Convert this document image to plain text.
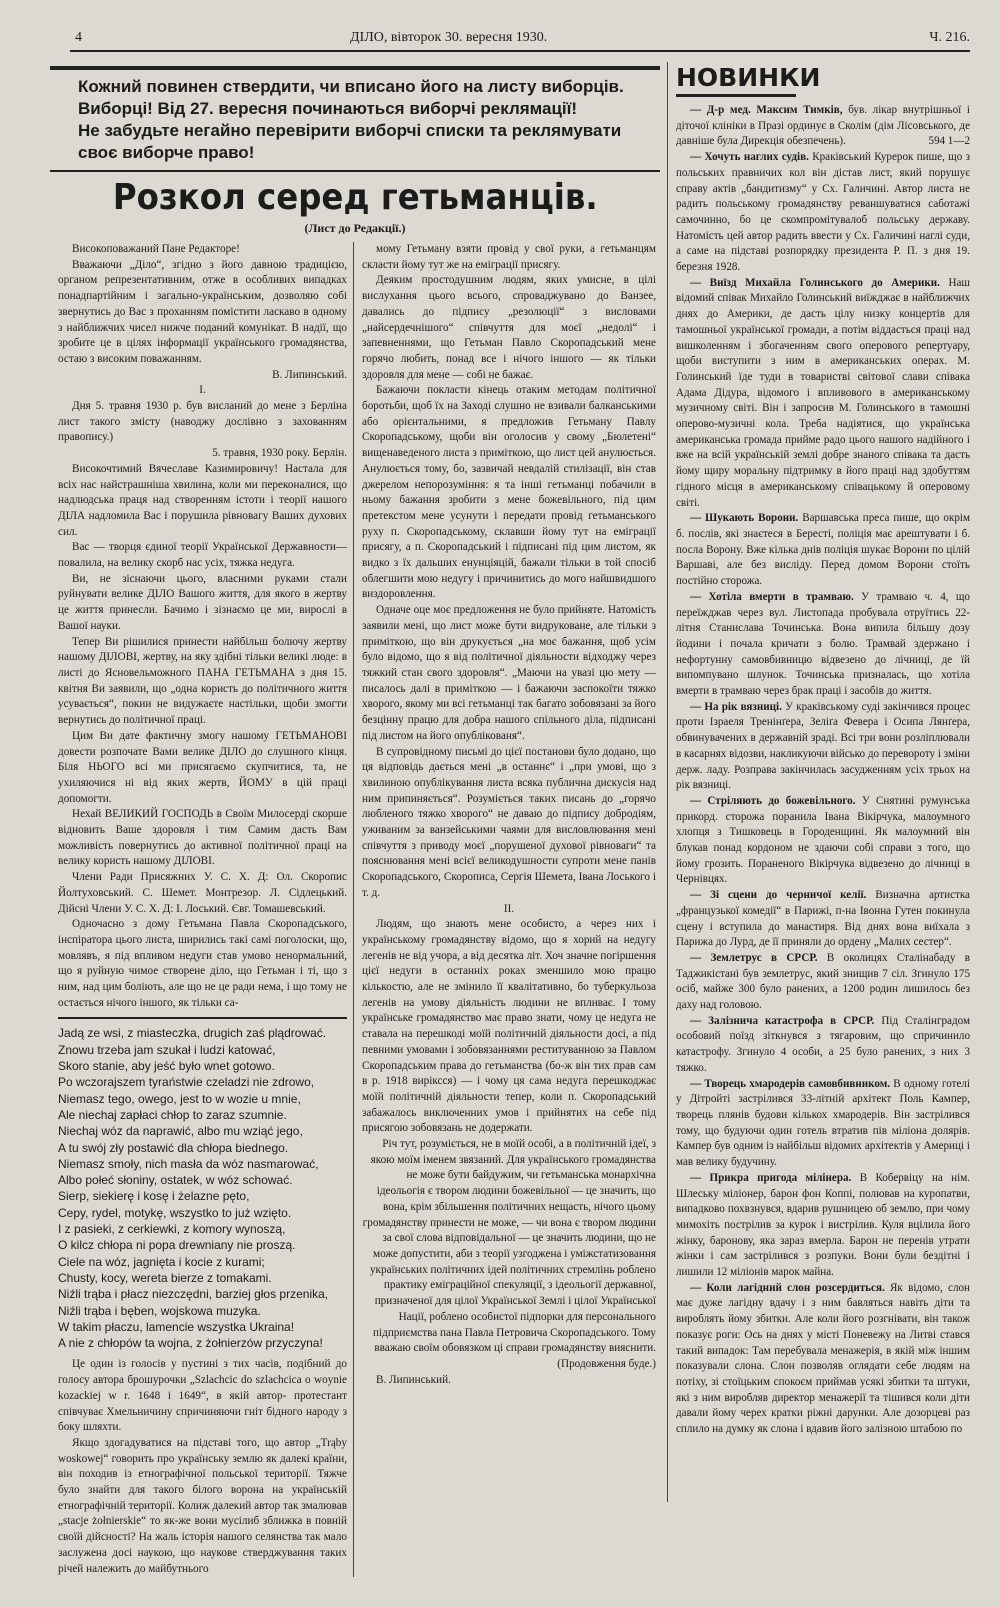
4	ДІЛО, вівторок 30. вересня 1930.	Ч. 216.
Кожний повинен ствердити, чи вписано його на листу виборців.
Виборці! Від 27. вересня починаються виборчі реклямації!
Не забудьте негайно перевірити виборчі списки та реклямувати своє виборче право!
Розкол серед гетьманців.
(Лист до Редакції.)

Високоповажаний Пане Редакторе!

Вважаючи „Діло“, згідно з його давною традицією, органом репрезентативним, отже в особливих випадках понадпартійним і загально-українським, дозволяю собі звернутись до Вас з проханням помістити ласкаво в одному з найближчих чисел нижче поданий комунікат. В надії, що зробите це в цілях інформації українського громадянства, остаю з високим поважанням.

В. Липинський.

I.

Дня 5. травня 1930 р. був висланий до мене з Берліна лист такого змісту (наводжу дослівно з захованням правопису.)

5. травня, 1930 року. Берлін.

Високочтимий Вячеславе Казимировичу! Настала для всіх нас найстрашніша хвилина, коли ми переконалися, що надлюдська праця над створенням істоти і теорії нашого ДІЛА надломила Вас і порушила рівновагу Ваших духових сил.

Вас — творця єдиної теорії Української Державности— повалила, на велику скорб нас усіх, тяжка недуга.

Ви, не зіснаючи цього, власними руками стали руйнувати велике ДІЛО Вашого життя, для якого в жертву це життя принесли. Бачимо і зізнаємо це ми, вирослі в Вашої науки.

Тепер Ви рішилися принести найбільш болючу жертву нашому ДІЛОВІ, жертву, на яку здібні тільки великі люде: в листі до Ясновельможного ПАНА ГЕТЬМАНА з дня 15. квітня Ви заявили, що „одна користь до політичного життя усувається“, покии не видужаєте настільки, щоби змогти вернутись до політичної праці.

Цим Ви дате фактичну змогу нашому ГЕТЬМАНОВІ довести розпочате Вами велике ДІЛО до слушного кінця. Біля НЬОГО всі ми присягаємо скупчитися, та, не ухиляючися ні від яких жертв, ЙОМУ в цій праці допомогти.

Нехай ВЕЛИКИЙ ГОСПОДЬ в Своїм Милосерді скорше відновить Ваше здоровля і тим Самим дасть Вам можливість повернутись до активної політичної праці на велику користь нашому ДІЛОВІ.

Члени Ради Присяжних У. С. Х. Д: Ол. Скоропис Йолтуховський. С. Шемет. Монтрезор. Л. Сідлецький. Дійсні Члени У. С. Х. Д: І. Лоський. Євг. Томашевський.

Одночасно з дому Гетьмана Павла Скоропадського, інспіратора цього листа, ширились такі самі поголоски, що, мовлявъ, я під впливом недуги став умово ненормальний, що я руйную чимое створене діло, що Гетьман і ті, що з ним, над цим боліють, але що не це ради нема, і що тому не остається нічого іншого, як тільки са-

Jadą ze wsi, z miasteczka, drugich zaś plądrować.

Znowu trzeba jam szukał i ludzi katować,

Skoro stanie, aby jeść było wnet gotowo.

Po wczorajszem tyraństwie czeladzi nie zdrowo,

Niemasz tego, owego, jest to w wozie u mnie,

Ale niechaj zapłaci chłop to zaraz szumnie.

Niechaj wóz da naprawić, albo mu wziąć jego,

A tu swój zły postawić dla chłopa biednego.

Niemasz smoły, nich masła da wóz nasmarować,

Albo połeć słoniny, ostatek, w wóz schować.

Sierp, siekierę i kosę i żelazne pęto,

Cepy, rydel, motykę, wszystko to już wzięto.

I z pasieki, z cerkiewki, z komory wynoszą,

O kilcz chłopa ni popa drewniany nie proszą.

Ciele na wóz, jagnięta i kocie z kurami;

Chusty, kocy, wereta bierze z tomakami.

Niźli trąba i płacz niezczędni, barziej głos przenika,

Niźli trąba i bęben, wojskowa muzyka.

W takim płaczu, lamencie wszystka Ukraina!

A nie z chłopów ta wojna, z żołnierzów przyczyna!

Це один із голосів у пустині з тих часів, подібний до голосу автора брошурочки „Szlachcic do szlachcica o woynie kozackiej w r. 1648 i 1649“, в якій автор- протестант співчуває Хмельничину спричиняючи гніт бідного народу з боку шляхти.

Якщо здогадуватися на підставі того, що автор „Trąby woskowej“ говорить про українську землю як далекі країни, він походив із етнографічної польської території. Тяжче було знайти для такого білого ворона на українській етнографічній території. Колиж далекий автор так змалював „stacje żołnierskie“ то як-же вони мусілиб зближка в повній своїй дійсності? На жаль історія нашого селянства так мало заслужена досі наукою, що наукове стверджування таких річей належить до майбутнього

мому Гетьману взяти провід у свої руки, а гетьманцям скласти йому тут же на еміграції присягу.

Деяким простодушним людям, яких умисне, в цілі вислухання цього всього, спроваджувано до Ванзее, давались до підпису „резолюції“ з висловами „найсердечнішого“ співчуття для моєї „недолі“ і запевненнями, що Гетьман Павло Скоропадський мене горячо любить, понад все і нічого іншого — як тільки здоровля для мене — собі не бажає.

Бажаючи покласти кінець отаким методам політичної боротьби, щоб їх на Заході слушно не взивали балканськими або орієнтальними, я предложив Гетьману Павлу Скоропадському, щоби він оголосив у свому „Бюлетені“ вищенаведеного листа з приміткою, що лист цей анулюється. Анулюється тому, бо, зазвичай невдалій стилізації, він став джерелом непорозуміння: я та інші гетьманці побачили в ньому бажання зробити з мене божевільного, під цим претекстом мене усунути і передати провід гетьманського руху п. Скоропадському, склавши йому тут на еміграції присягу, а п. Скоропадський і підписані під цим листом, як видко з їх дальших енунціяцій, бажали тільки в той спосіб облегшити мою недугу і причинитись до мого найшвидшого виздоровлення.

Одначе оце моє предложення не було прийняте. Натомість заявили мені, що лист може бути видруковане, але тільки з приміткою, що він друкується „на моє бажання, щоб усім було відомо, що я від політичної діяльности відходжу через тяжкий стан свого здоровля“. „Маючи на увазі цю мету — писалось далі в приміткою — і бажаючи заспокоїти тяжко хворого, якому ми всі гетьманці так багато зобовязані за його безцінну працю для добра нашого спільного діла, підписані під листом на його опублікованя“.

В супровідному письмі до цієї постанови було додано, що ця відповідь дається мені „в останнє“ і „при умові, що з хвилиною опублікування листа всяка публична дискусія над ним припиняється“. Розуміється таких писань до „горячо любленого тяжко хворого“ не даваю до підпису добродіям, уживаним за ванзейськими чаями для висловлювання мені співчуття з приводу моєї „порушеної духової рівноваги“ та пояснювання мені всієї великодушности супроти мене панів Скоропадського, Скорописа, Сергія Шемета, Івана Лоського і т. д.

II.

Людям, що знають мене особисто, а через них і українському громадянству відомо, що я хорий на недугу легенів не від учора, а від десятка літ. Хоч значне погіршення цієї недуги в останніх роках зменшило мою працю кількостю, але не змінило її квалітативно, бо туберкульоза легенів на умову діяльність людини не впливає. І тому українське громадянство має право знати, чому це недуга не ставала на перешкоді моїй політичній діяльности досі, а під певними умовами і зобовязаннями реституванною за Павлом Скоропадським права до гетьманства (бо-ж він тих прав сам в р. 1918 виріксся) — і чому ця сама недуга перешкоджає моїй політичній діяльности тепер, коли п. Скоропадський забажалось виключенних умов і прийнятих на себе під присягою зобовязань не додержати.

Річ тут, розуміється, не в моїй особі, а в політичній ідеї, з якою моїм іменем звязаний. Для українського громадянства не може бути байдужим, чи гетьманська монархічна ідеольогія є твором людини божевільної — це значить, що вона, крім збільшення політичних нещасть, нічого цьому громадянству принести не може, — чи вона є твором людини за свої слова відповідальної — це значить людини, що не може допустити, аби з теорії узгоджена і уміжстатизовання українських політичних ідей політичних стремлінь роблено практику еміграційної спекуляції, з ідеольогії державної, призначеної для цілої Української Землі і цілої Української Нації, роблено особистої підпорки для персонального підприємства пана Павла Петровича Скоропадського. Тому вважаю своїм обовязком ці справи громадянству вияснити.

(Продовження буде.)

В. Липинський.

НОВИНКИ

— Д-р мед. Максим Тимків, був. лікар внутрішньої і діточої клініки в Празі ординує в Сколім (дім Лісовського, де давніше була Дирекція обезпечень).	594 1—2

— Хочуть наглих судів. Краківський Курерок пише, що з польських правничих кол він дістав лист, який порушує справу актів „бандитизму“ у Сх. Галичині. Автор листа не радить польському громадянству реваншуватися саботажі самочинно, бо це скомпромітувалоб польську державу. Натомість цей автор радить ввести у Сх. Галичині наглі суди, а саме на підставі розпорядку президента Р. П. з дня 19. березня 1928.

— Виїзд Михайла Голинського до Америки. Наш відомий співак Михайло Голинський виїжджає в найближчих днях до Америки, де дасть цілу низку концертів для тамошньої української громади, а потім віддасться праці над вишколенням і збогаченням свого оперового репертуару, щоби виступити з ним в американських операх. М. Голинський їде туди в товаристві світової слави співака Адама Дідура, відомого і впливового в американському музичному світі. Він і запросив М. Голинського в тамошні оперово-музичні кола. Треба надіятися, що українська американська громада прийме радо цього нашого надійного і вже на всій українській землі добре знаного співака та дасть йому щиру моральну підтримку в його праці над здобуттям гідного місця в американському співацькому й оперовому світі.

— Шукають Ворони. Варшавська преса пише, що окрім б. послів, які знаєтеся в Бересті, поліція має арештувати і б. посла Ворону. Вже кілька днів поліція шукає Ворони по цілій Варшаві, але без висліду. Перед домом Ворони стоїть постійно сторожа.

— Хотіла вмерти в трамваю. У трамваю ч. 4, що переїжджав через вул. Листопада пробувала отруїтись 22-літня Станислава Точинська. Вона випила більшу дозу йодини і почала кричати з болю. Трамвай здержано і нефортунну самовбивницю відвезено до лічниці, де їй випомпувано шлунок. Точинська призналась, що хотіла вмерти в трамваю через брак праці і засобів до життя.

— На рік вязниці. У краківському суді закінчився процес проти Ізраеля Тренінґера, Зеліґа Февера і Осипа Лянґера, обвинувачених в державній зраді. Всі три вони розліплювали в касарнях відозви, накликуючи військо до перевороту і зміни держ. ладу. Розправа закінчилась засудженням усіх трьох на рік вязниці.

— Стріляють до божевільного. У Снятині румунська прикорд. сторожа поранила Івана Вікірчука, малоумного хлопця з Тишковець в Городенщині. Як малоумний він блукав понад кордоном не здаючи собі справи з того, що йому грозить. Пораненого Вікірчука відвезено до лічниці в Чернівцях.

— Зі сцени до черничої келії. Визначна артистка „французької комедії“ в Парижі, п-на Івонна Гутен покинула сцену і вступила до манастиря. Від днях вона виїхала з Парижа до Лурд, де її приняли до ордену „Малих сестер“.

— Землетрус в СРСР. В околицях Сталінабаду в Таджикістані був землетрус, який знищив 7 сіл. Згинуло 175 осіб, майже 300 було ранених, а 1200 родин лишилось без даху над головою.

— Залізнича катастрофа в СРСР. Під Сталінградом особовий поїзд зіткнувся з тягаровим, що спричинило катастрофу. Згинуло 4 особи, а 25 було ранених, з них 3 тяжко.

— Творець хмародерів самовбивником. В одному готелі у Дітройті застрілився 33-літній архітект Поль Кампер, творець плянів будови кількох хмародерів. Він застрілився тому, що будуючи один готель втратив пів міліона долярів. Кампер був одним із найбільш відомих архітектів у Америці і мав велику будучину.

— Прикра пригода мілінера. В Кобервіцу на нім. Шлеську міліонер, барон фон Коппі, полював на куропатви, випадково похвзнувся, вдарив рушницею об землю, при чому мимохіть пострілив за курок і вистрілив. Куля вцілила його жінку, баронову, яка зараз вмерла. Барон не перенів утрати жінки і сам застрілився з розпуки. Вони були бездітні і лишили 12 міліонів марок майна.

— Коли лагідний слон розсердиться. Як відомо, слон має дуже лагідну вдачу і з ним бавляться навіть діти та вироблять йому збитки. Але коли його розгнівати, він також показує роги: Ось на днях у місті Поневежу на Литві стався такий випадок: Там перебувала менажерія, в якій між іншим показували слона. Слон позволяв оглядати себе людям на потіху, зі стоїцьким спокоєм приймав усякі збитки та штуки, які з ним виробляв директор менажерії та тішився коли діти давали йому черех кратки ріжні дарунки. Але дозорцеві раз сплило на думку як слона і вдавив його залізною штабою по
